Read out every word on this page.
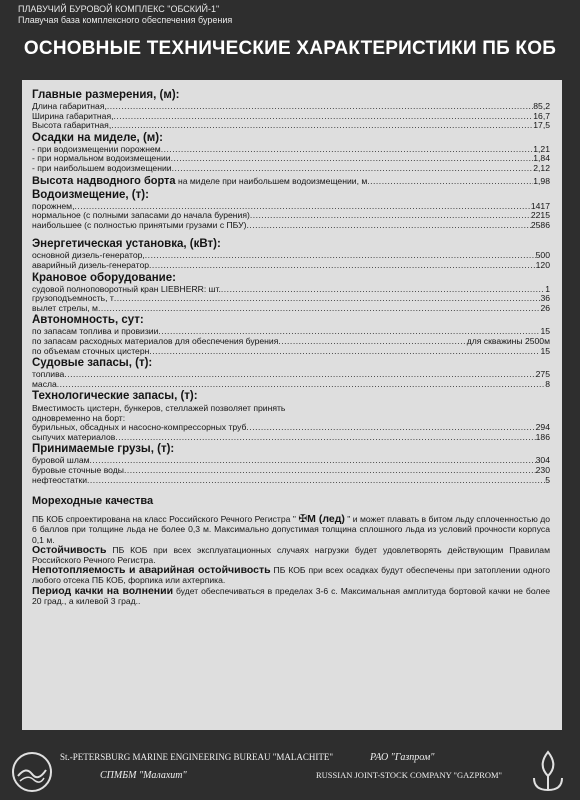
ПЛАВУЧИЙ БУРОВОЙ КОМПЛЕКС "ОБСКИЙ-1"
Плавучая база комплексного обеспечения бурения
ОСНОВНЫЕ ТЕХНИЧЕСКИЕ ХАРАКТЕРИСТИКИ ПБ КОБ
Главные размерения, (м):
Длина габаритная, .....	85,2
Ширина габаритная, .....	16,7
Высота габаритная, .....	17,5
Осадки на миделе, (м):
- при водоизмещении порожнем .....	1,21
- при нормальном водоизмещении .....	1,84
- при наибольшем водоизмещении .....	2,12
Высота надводного борта на миделе при наибольшем водоизмещении, м .....	1,98
Водоизмещение, (т):
порожнем, .....	1417
нормальное (с полными запасами до начала бурения) .....	2215
наибольшее (с полностью принятыми грузами с ПБУ) .....	2586
Энергетическая установка, (кВт):
основной дизель-генератор, .....	500
аварийный дизель-генератор .....	120
Крановое оборудование:
судовой полноповоротный кран LIEBHERR: шт. .....	1
грузоподъемность, т .....	36
вылет стрелы, м .....	26
Автономность, сут:
по запасам топлива и провизии .....	15
по запасам расходных материалов для обеспечения бурения .....	для скважины 2500м
по объемам сточных цистерн .....	15
Судовые запасы, (т):
топлива .....	275
масла .....	8
Технологические запасы, (т):
Вместимость цистерн, бункеров, стеллажей позволяет принять
одновременно на борт:
бурильных, обсадных и насосно-компрессорных труб .....	294
сыпучих материалов .....	186
Принимаемые грузы, (т):
буровой шлам .....	304
буровые сточные воды .....	230
нефтеостатки .....	5
Мореходные качества
ПБ КОБ спроектирована на класс Российского Речного Регистра " ✠М (лед) " и может плавать в битом льду сплоченностью до 6 баллов при толщине льда не более 0,3 м. Максимально допустимая толщина сплошного льда из условий прочности корпуса 0,1 м.
Остойчивость ПБ КОБ при всех эксплуатационных случаях нагрузки будет удовлетворять действующим Правилам Российского Речного Регистра.
Непотопляемость и аварийная остойчивость ПБ КОБ при всех осадках будут обеспечены при затоплении одного любого отсека ПБ КОБ, форпика или ахтерпика.
Период качки на волнении будет обеспечиваться в пределах 3-6 с. Максимальная амплитуда бортовой качки не более 20 град., а килевой 3 град..
St.-PETERSBURG MARINE ENGINEERING BUREAU "MALACHITE"
СПМБМ "Малахит"
РАО "Газпром"
RUSSIAN JOINT-STOCK COMPANY "GAZPROM"
